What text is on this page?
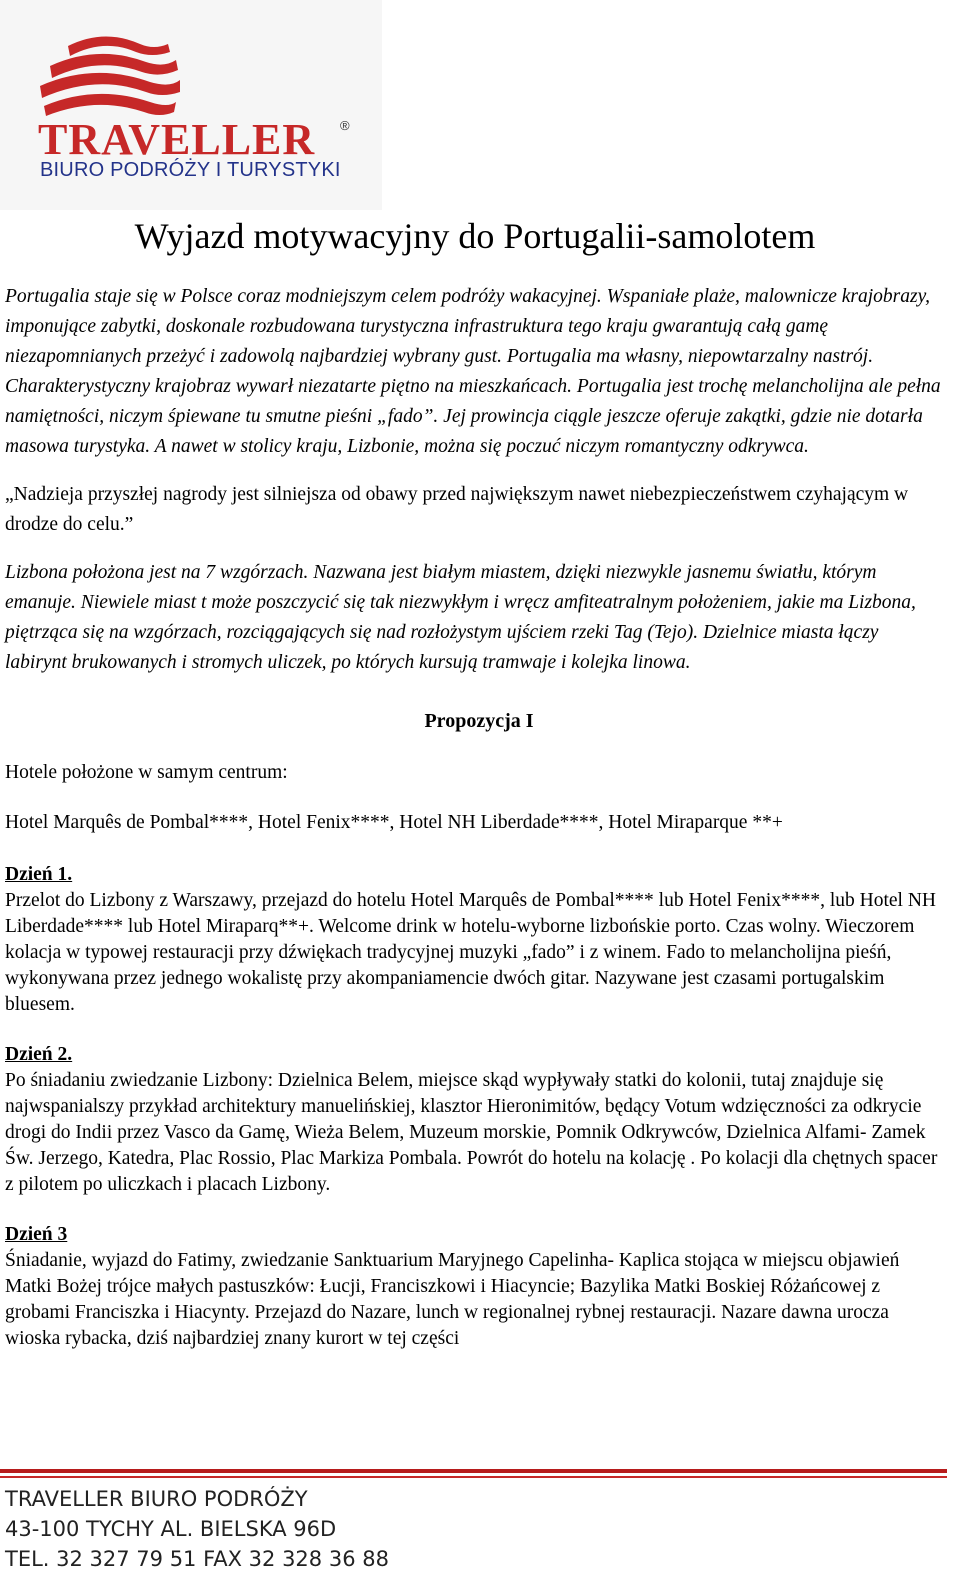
TRAVELLER ®
BIURO PODRÓŻY I TURYSTYKI
Wyjazd motywacyjny do Portugalii-samolotem

Portugalia staje się w Polsce coraz modniejszym celem podróży wakacyjnej. Wspaniałe plaże, malownicze krajobrazy, imponujące zabytki, doskonale rozbudowana turystyczna infrastruktura tego kraju gwarantują całą gamę niezapomnianych przeżyć i zadowolą najbardziej wybrany gust. Portugalia ma własny, niepowtarzalny nastrój. Charakterystyczny krajobraz wywarł niezatarte piętno na mieszkańcach. Portugalia jest trochę melancholijna ale pełna namiętności, niczym śpiewane tu smutne pieśni „fado”. Jej prowincja ciągle jeszcze oferuje zakątki, gdzie nie dotarła masowa turystyka. A nawet w stolicy kraju, Lizbonie, można się poczuć niczym romantyczny odkrywca.

„Nadzieja przyszłej nagrody jest silniejsza od obawy przed największym nawet niebezpieczeństwem czyhającym w drodze do celu.”

Lizbona położona jest na 7 wzgórzach. Nazwana jest białym miastem, dzięki niezwykle jasnemu światłu, którym emanuje. Niewiele miast t może poszczycić się tak niezwykłym i wręcz amfiteatralnym położeniem, jakie ma Lizbona, piętrząca się na wzgórzach, rozciągających się nad rozłożystym ujściem rzeki Tag (Tejo). Dzielnice miasta łączy labirynt brukowanych i stromych uliczek, po których kursują tramwaje i kolejka linowa.

Propozycja I

Hotele położone w samym centrum:

Hotel Marquês de Pombal****, Hotel Fenix****, Hotel NH Liberdade****, Hotel Miraparque **+

Dzień 1.

Przelot do Lizbony z Warszawy, przejazd do hotelu Hotel Marquês de Pombal**** lub Hotel Fenix****, lub Hotel NH Liberdade**** lub Hotel Miraparq**+. Welcome drink w hotelu-wyborne lizbońskie porto. Czas wolny. Wieczorem kolacja w typowej restauracji przy dźwiękach tradycyjnej muzyki „fado” i z winem. Fado to melancholijna pieśń, wykonywana przez jednego wokalistę przy akompaniamencie dwóch gitar. Nazywane jest czasami portugalskim bluesem.

Dzień 2.

Po śniadaniu zwiedzanie Lizbony: Dzielnica Belem, miejsce skąd wypływały statki do kolonii, tutaj znajduje się najwspanialszy przykład architektury manuelińskiej, klasztor Hieronimitów, będący Votum wdzięczności za odkrycie drogi do Indii przez Vasco da Gamę, Wieża Belem, Muzeum morskie, Pomnik Odkrywców, Dzielnica Alfami- Zamek Św. Jerzego, Katedra, Plac Rossio, Plac Markiza Pombala. Powrót do hotelu na kolację . Po kolacji dla chętnych spacer z pilotem po uliczkach i placach Lizbony.

Dzień 3

Śniadanie, wyjazd do Fatimy, zwiedzanie Sanktuarium Maryjnego Capelinha- Kaplica stojąca w miejscu objawień Matki Bożej trójce małych pastuszków: Łucji, Franciszkowi i Hiacyncie; Bazylika Matki Boskiej Różańcowej z grobami Franciszka i Hiacynty. Przejazd do Nazare, lunch w regionalnej rybnej restauracji. Nazare dawna urocza wioska rybacka, dziś najbardziej znany kurort w tej części

TRAVELLER BIURO PODRÓŻY
43-100 TYCHY AL. BIELSKA 96D
TEL. 32 327 79 51 FAX 32 328 36 88
